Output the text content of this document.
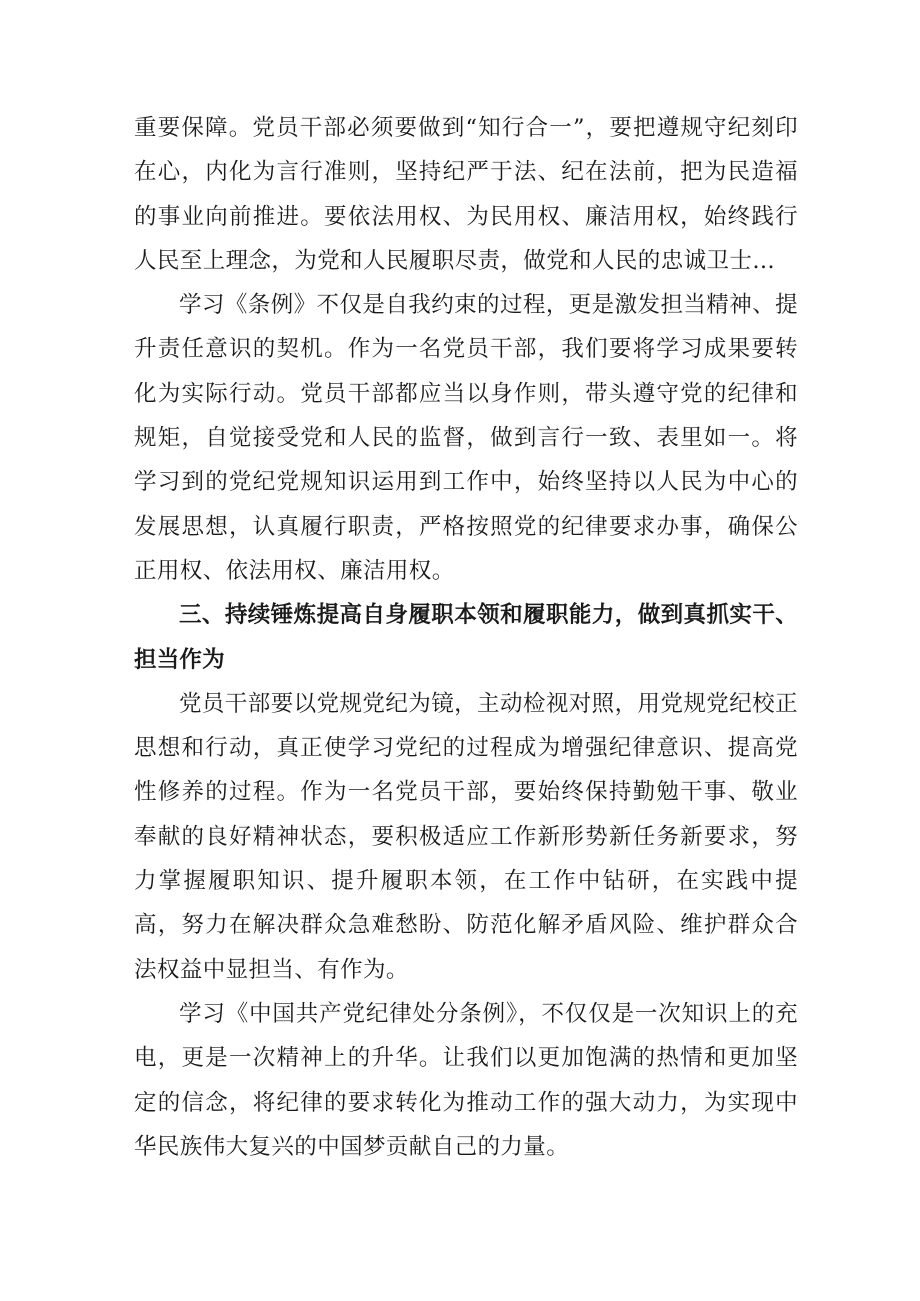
重要保障。党员干部必须要做到“知行合一”，要把遵规守纪刻印在心，内化为言行准则，坚持纪严于法、纪在法前，把为民造福的事业向前推进。要依法用权、为民用权、廉洁用权，始终践行人民至上理念，为党和人民履职尽责，做党和人民的忠诚卫士…

学习《条例》不仅是自我约束的过程，更是激发担当精神、提升责任意识的契机。作为一名党员干部，我们要将学习成果要转化为实际行动。党员干部都应当以身作则，带头遵守党的纪律和规矩，自觉接受党和人民的监督，做到言行一致、表里如一。将学习到的党纪党规知识运用到工作中，始终坚持以人民为中心的发展思想，认真履行职责，严格按照党的纪律要求办事，确保公正用权、依法用权、廉洁用权。

三、持续锤炼提高自身履职本领和履职能力，做到真抓实干、担当作为

党员干部要以党规党纪为镜，主动检视对照，用党规党纪校正思想和行动，真正使学习党纪的过程成为增强纪律意识、提高党性修养的过程。作为一名党员干部，要始终保持勤勉干事、敬业奉献的良好精神状态，要积极适应工作新形势新任务新要求，努力掌握履职知识、提升履职本领，在工作中钻研，在实践中提高，努力在解决群众急难愁盼、防范化解矛盾风险、维护群众合法权益中显担当、有作为。

学习《中国共产党纪律处分条例》，不仅仅是一次知识上的充电，更是一次精神上的升华。让我们以更加饱满的热情和更加坚定的信念，将纪律的要求转化为推动工作的强大动力，为实现中华民族伟大复兴的中国梦贡献自己的力量。
